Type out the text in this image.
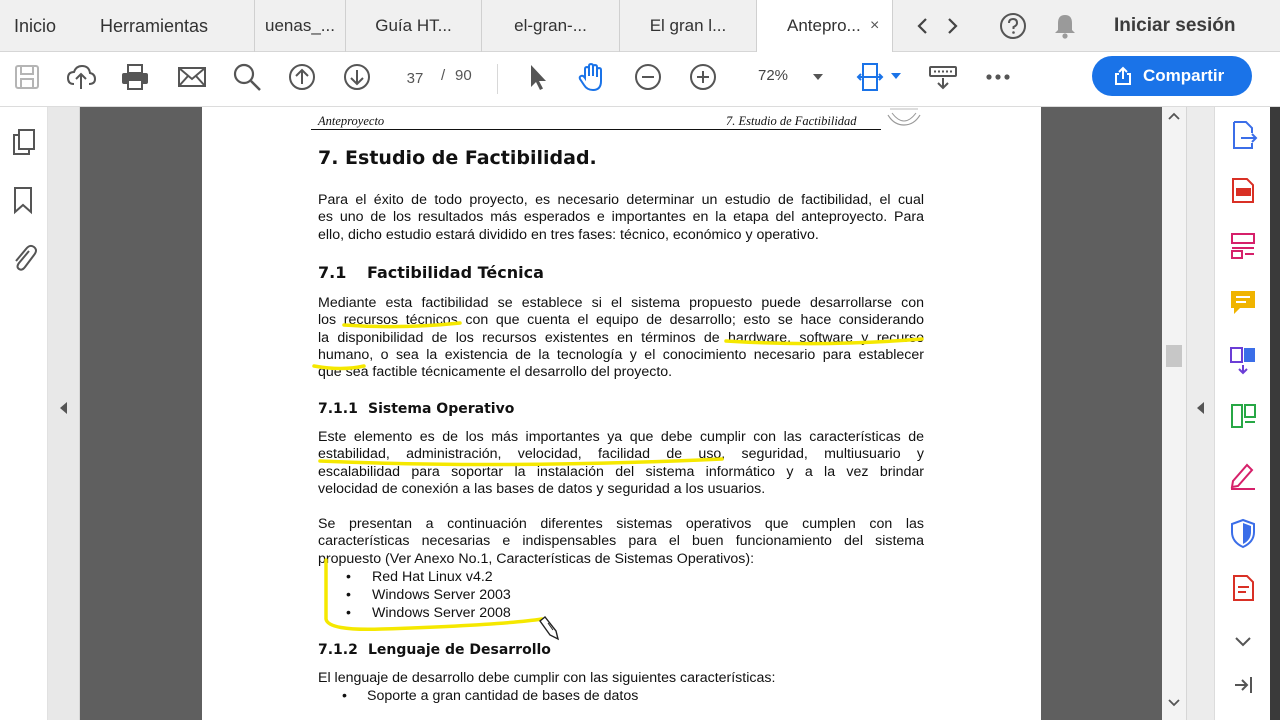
Inicio	Herramientas	uenas_...	Guía HT...	el-gran-...	El gran l...	Antepro... ×	Iniciar sesión
37
/ 90	72%	Compartir
Anteproyecto	7. Estudio de Factibilidad
7. Estudio de Factibilidad.
Para el éxito de todo proyecto, es necesario determinar un estudio de factibilidad, el cual
es uno de los resultados más esperados e importantes en la etapa del anteproyecto. Para
ello, dicho estudio estará dividido en tres fases: técnico, económico y operativo.
7.1 Factibilidad Técnica
Mediante esta factibilidad se establece si el sistema propuesto puede desarrollarse con
los recursos técnicos con que cuenta el equipo de desarrollo; esto se hace considerando
la disponibilidad de los recursos existentes en términos de hardware, software y recurso
humano, o sea la existencia de la tecnología y el conocimiento necesario para establecer
que sea factible técnicamente el desarrollo del proyecto.
7.1.1 Sistema Operativo
Este elemento es de los más importantes ya que debe cumplir con las características de
estabilidad, administración, velocidad, facilidad de uso, seguridad, multiusuario y
escalabilidad para soportar la instalación del sistema informático y a la vez brindar
velocidad de conexión a las bases de datos y seguridad a los usuarios.
Se presentan a continuación diferentes sistemas operativos que cumplen con las
características necesarias e indispensables para el buen funcionamiento del sistema
propuesto (Ver Anexo No.1, Características de Sistemas Operativos):
• Red Hat Linux v4.2
• Windows Server 2003
• Windows Server 2008
7.1.2 Lenguaje de Desarrollo
El lenguaje de desarrollo debe cumplir con las siguientes características:
• Soporte a gran cantidad de bases de datos
